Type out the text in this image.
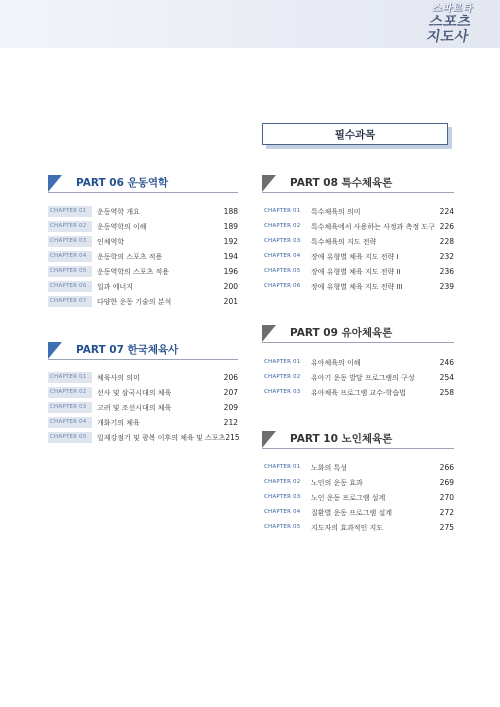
스파르타
스포츠
지도사
필수과목
PART 06 운동역학
CHAPTER 01	운동역학 개요	188
CHAPTER 02	운동역학의 이해	189
CHAPTER 03	인체역학	192
CHAPTER 04	운동학의 스포츠 적용	194
CHAPTER 05	운동역학의 스포츠 적용	196
CHAPTER 06	일과 에너지	200
CHAPTER 07	다양한 운동 기술의 분석	201
PART 07 한국체육사
CHAPTER 01	체육사의 의미	206
CHAPTER 02	선사 및 삼국시대의 체육	207
CHAPTER 03	고려 및 조선시대의 체육	209
CHAPTER 04	개화기의 체육	212
CHAPTER 05	일제강점기 및 광복 이후의 체육 및 스포츠 215
PART 08 특수체육론
CHAPTER 01	특수체육의 의미	224
CHAPTER 02	특수체육에서 사용하는 사정과 측정 도구 226
CHAPTER 03	특수체육의 지도 전략	228
CHAPTER 04	장애 유형별 체육 지도 전략 I	232
CHAPTER 05	장애 유형별 체육 지도 전략 II	236
CHAPTER 06	장애 유형별 체육 지도 전략 III	239
PART 09 유아체육론
CHAPTER 01	유아체육의 이해	246
CHAPTER 02	유아기 운동 발달 프로그램의 구성	254
CHAPTER 03	유아체육 프로그램 교수-학습법	258
PART 10 노인체육론
CHAPTER 01	노화의 특성	266
CHAPTER 02	노인의 운동 효과	269
CHAPTER 03	노인 운동 프로그램 설계	270
CHAPTER 04	질환별 운동 프로그램 설계	272
CHAPTER 05	지도자의 효과적인 지도	275
